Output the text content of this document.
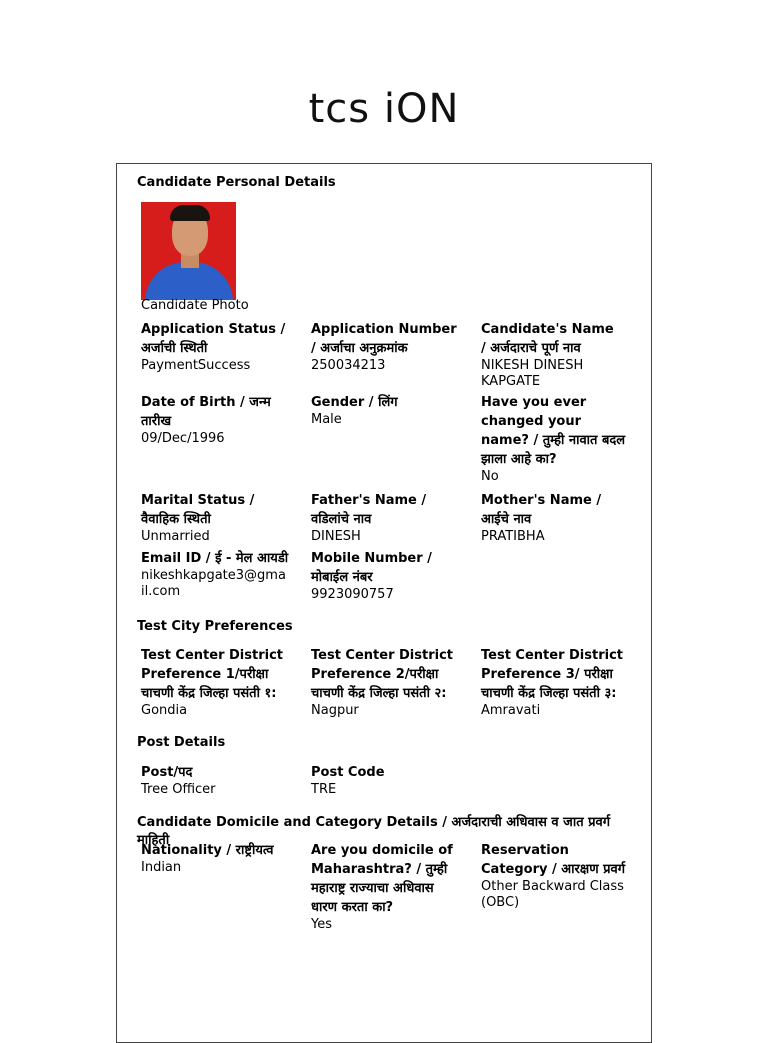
tcs iON
Candidate Personal Details
Candidate Photo
Application Status / अर्जाची स्थिती
PaymentSuccess
Application Number / अर्जाचा अनुक्रमांक
250034213
Candidate's Name / अर्जदाराचे पूर्ण नाव
NIKESH DINESH KAPGATE
Date of Birth / जन्म तारीख
09/Dec/1996
Gender / लिंग
Male
Have you ever changed your name? / तुम्ही नावात बदल झाला आहे का?
No
Marital Status / वैवाहिक स्थिती
Unmarried
Father's Name / वडिलांचे नाव
DINESH
Mother's Name / आईचे नाव
PRATIBHA
Email ID / ई - मेल आयडी
nikeshkapgate3@gmail.com
Mobile Number / मोबाईल नंबर
9923090757
Test City Preferences
Test Center District Preference 1/परीक्षा चाचणी केंद्र जिल्हा पसंती १:
Gondia
Test Center District Preference 2/परीक्षा चाचणी केंद्र जिल्हा पसंती २:
Nagpur
Test Center District Preference 3/ परीक्षा चाचणी केंद्र जिल्हा पसंती ३:
Amravati
Post Details
Post/पद
Tree Officer
Post Code
TRE
Candidate Domicile and Category Details / अर्जदाराची अधिवास व जात प्रवर्ग माहिती
Nationality / राष्ट्रीयत्व
Indian
Are you domicile of Maharashtra? / तुम्ही महाराष्ट्र राज्याचा अधिवास धारण करता का?
Yes
Reservation Category / आरक्षण प्रवर्ग
Other Backward Class (OBC)
